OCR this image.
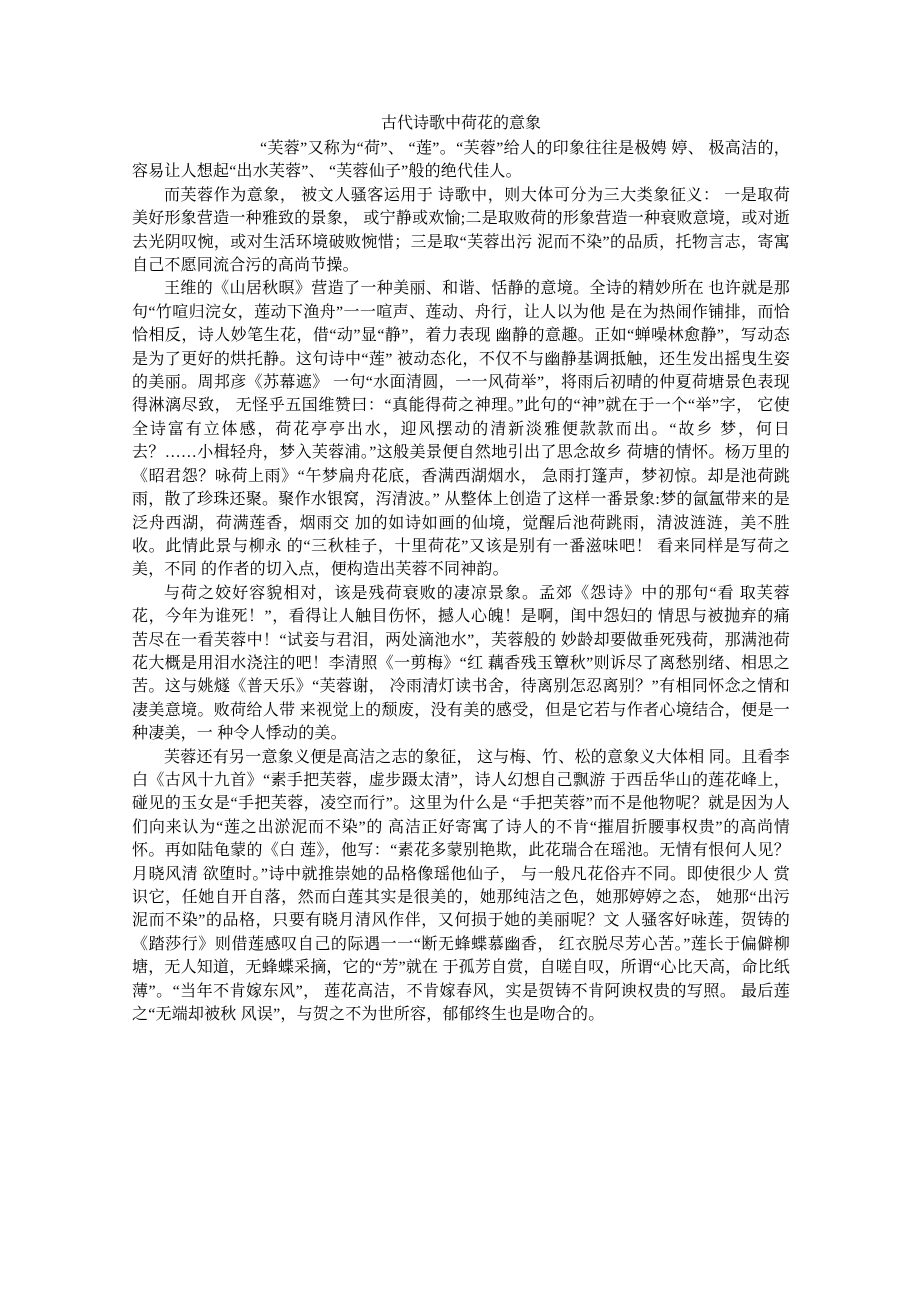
古代诗歌中荷花的意象

“芙蓉”又称为“荷”、 “莲”。“芙蓉”给人的印象往往是极娉 婷、 极高洁的，容易让人想起“出水芙蓉”、 “芙蓉仙子”般的绝代佳人。

而芙蓉作为意象， 被文人骚客运用于 诗歌中，则大体可分为三大类象征义： 一是取荷美好形象营造一种雅致的景象， 或宁静或欢愉;二是取败荷的形象营造一种衰败意境，或对逝去光阴叹惋，或对生活环境破败惋惜；三是取“芙蓉出污 泥而不染”的品质，托物言志，寄寓自己不愿同流合污的高尚节操。

王维的《山居秋暝》营造了一种美丽、和谐、恬静的意境。全诗的精妙所在 也许就是那句“竹喧归浣女，莲动下渔舟”一一喧声、莲动、舟行，让人以为他 是在为热闹作铺排，而恰恰相反，诗人妙笔生花，借“动”显“静”，着力表现 幽静的意趣。正如“蝉噪林愈静”，写动态是为了更好的烘托静。这句诗中“莲” 被动态化，不仅不与幽静基调抵触，还生发出摇曳生姿的美丽。周邦彦《苏幕遮》 一句“水面清圆，一一风荷举”，将雨后初晴的仲夏荷塘景色表现得淋漓尽致， 无怪乎五国维赞曰：“真能得荷之神理。”此句的“神”就在于一个“举”字， 它使全诗富有立体感，荷花亭亭出水，迎风摆动的清新淡雅便款款而出。“故乡 梦，何日去？……小楫轻舟，梦入芙蓉浦。”这般美景便自然地引出了思念故乡 荷塘的情怀。杨万里的《昭君怨？咏荷上雨》“午梦扁舟花底，香满西湖烟水， 急雨打篷声，梦初惊。却是池荷跳雨，散了珍珠还聚。聚作水银窝，泻清波。” 从整体上创造了这样一番景象:梦的氤氲带来的是泛舟西湖，荷满莲香，烟雨交 加的如诗如画的仙境，觉醒后池荷跳雨，清波涟涟，美不胜收。此情此景与柳永 的“三秋桂子，十里荷花”又该是别有一番滋味吧！ 看来同样是写荷之美，不同 的作者的切入点，便构造出芙蓉不同神韵。

与荷之姣好容貌相对，该是残荷衰败的凄凉景象。孟郊《怨诗》中的那句“看 取芙蓉花，今年为谁死！”，看得让人触目伤怀，撼人心魄！是啊，闺中怨妇的 情思与被抛弃的痛苦尽在一看芙蓉中！“试妾与君泪，两处滴池水”，芙蓉般的 妙龄却要做垂死残荷，那满池荷花大概是用泪水浇注的吧！李清照《一剪梅》“红 藕香残玉簟秋”则诉尽了离愁别绪、相思之苦。这与姚燧《普天乐》“芙蓉谢， 冷雨清灯读书舍，待离别怎忍离别？”有相同怀念之情和凄美意境。败荷给人带 来视觉上的颓废，没有美的感受，但是它若与作者心境结合，便是一种凄美，一 种令人悸动的美。

芙蓉还有另一意象义便是高洁之志的象征， 这与梅、竹、松的意象义大体相 同。且看李白《古风十九首》“素手把芙蓉，虚步蹑太清”，诗人幻想自己飘游 于西岳华山的莲花峰上，碰见的玉女是“手把芙蓉，凌空而行”。这里为什么是 “手把芙蓉”而不是他物呢？就是因为人们向来认为“莲之出淤泥而不染”的 高洁正好寄寓了诗人的不肯“摧眉折腰事权贵”的高尚情怀。再如陆龟蒙的《白 莲》，他写：“素花多蒙别艳欺，此花瑞合在瑶池。无情有恨何人见？月晓风清 欲堕时。”诗中就推崇她的品格像瑶他仙子， 与一般凡花俗卉不同。即使很少人 赏识它，任她自开自落，然而白莲其实是很美的，她那纯洁之色，她那婷婷之态， 她那“出污泥而不染”的品格，只要有晓月清风作伴，又何损于她的美丽呢？文 人骚客好咏莲，贺铸的《踏莎行》则借莲感叹自己的际遇一一“断无蜂蝶慕幽香， 红衣脱尽芳心苦。”莲长于偏僻柳塘，无人知道，无蜂蝶采摘，它的“芳”就在 于孤芳自赏，自嗟自叹，所谓“心比天高，命比纸薄”。“当年不肯嫁东风”， 莲花高洁，不肯嫁春风，实是贺铸不肯阿谀权贵的写照。 最后莲之“无端却被秋 风误”，与贺之不为世所容，郁郁终生也是吻合的。
